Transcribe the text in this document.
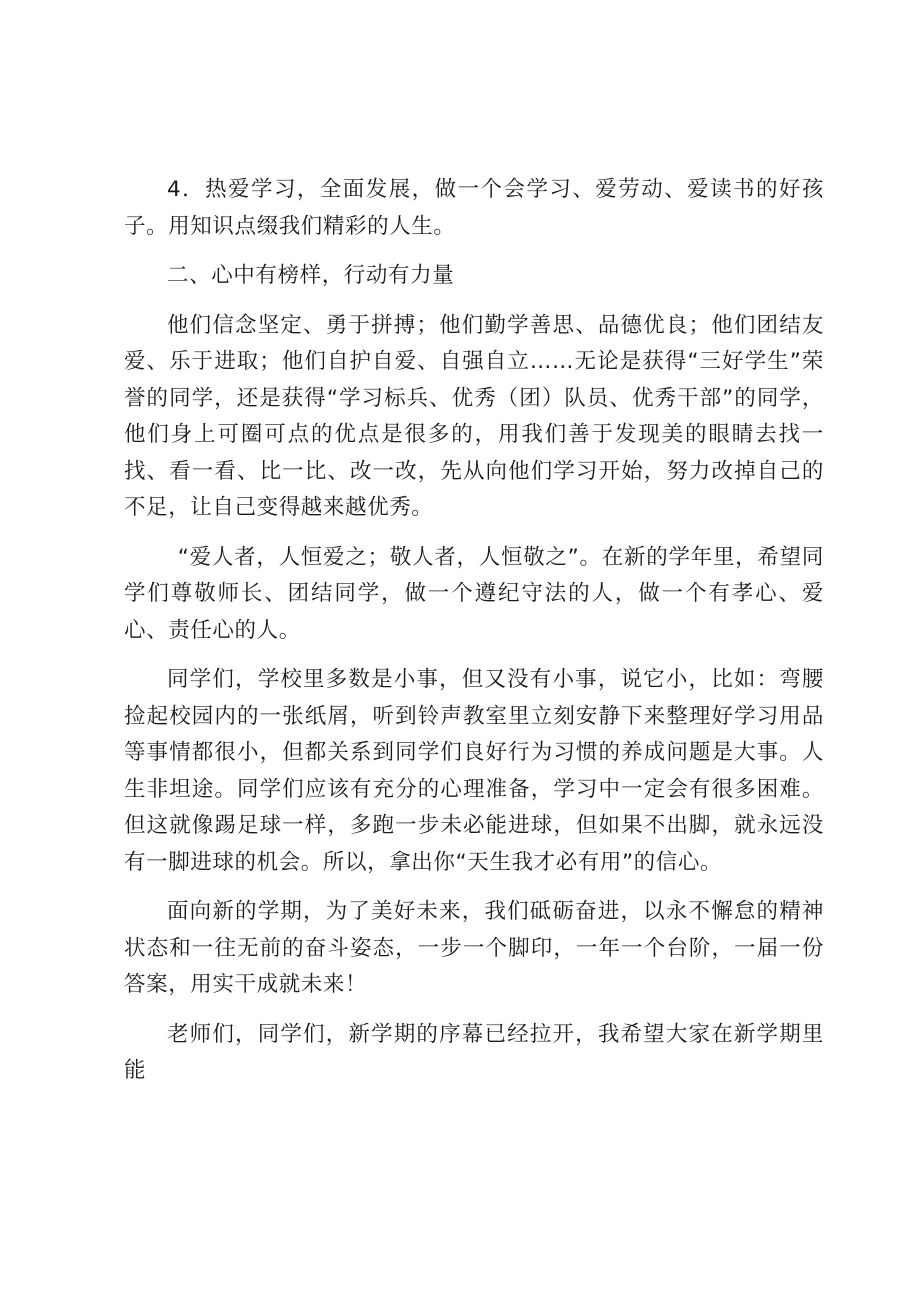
4．热爱学习，全面发展，做一个会学习、爱劳动、爱读书的好孩子。用知识点缀我们精彩的人生。

二、心中有榜样，行动有力量

他们信念坚定、勇于拼搏；他们勤学善思、品德优良；他们团结友爱、乐于进取；他们自护自爱、自强自立……无论是获得“三好学生”荣誉的同学，还是获得“学习标兵、优秀（团）队员、优秀干部”的同学，他们身上可圈可点的优点是很多的，用我们善于发现美的眼睛去找一找、看一看、比一比、改一改，先从向他们学习开始，努力改掉自己的不足，让自己变得越来越优秀。

“爱人者，人恒爱之；敬人者，人恒敬之”。在新的学年里，希望同学们尊敬师长、团结同学，做一个遵纪守法的人，做一个有孝心、爱心、责任心的人。

同学们，学校里多数是小事，但又没有小事，说它小，比如：弯腰捡起校园内的一张纸屑，听到铃声教室里立刻安静下来整理好学习用品等事情都很小，但都关系到同学们良好行为习惯的养成问题是大事。人生非坦途。同学们应该有充分的心理准备，学习中一定会有很多困难。但这就像踢足球一样，多跑一步未必能进球，但如果不出脚，就永远没有一脚进球的机会。所以，拿出你“天生我才必有用”的信心。

面向新的学期，为了美好未来，我们砥砺奋进，以永不懈怠的精神状态和一往无前的奋斗姿态，一步一个脚印，一年一个台阶，一届一份答案，用实干成就未来！

老师们，同学们，新学期的序幕已经拉开，我希望大家在新学期里能
